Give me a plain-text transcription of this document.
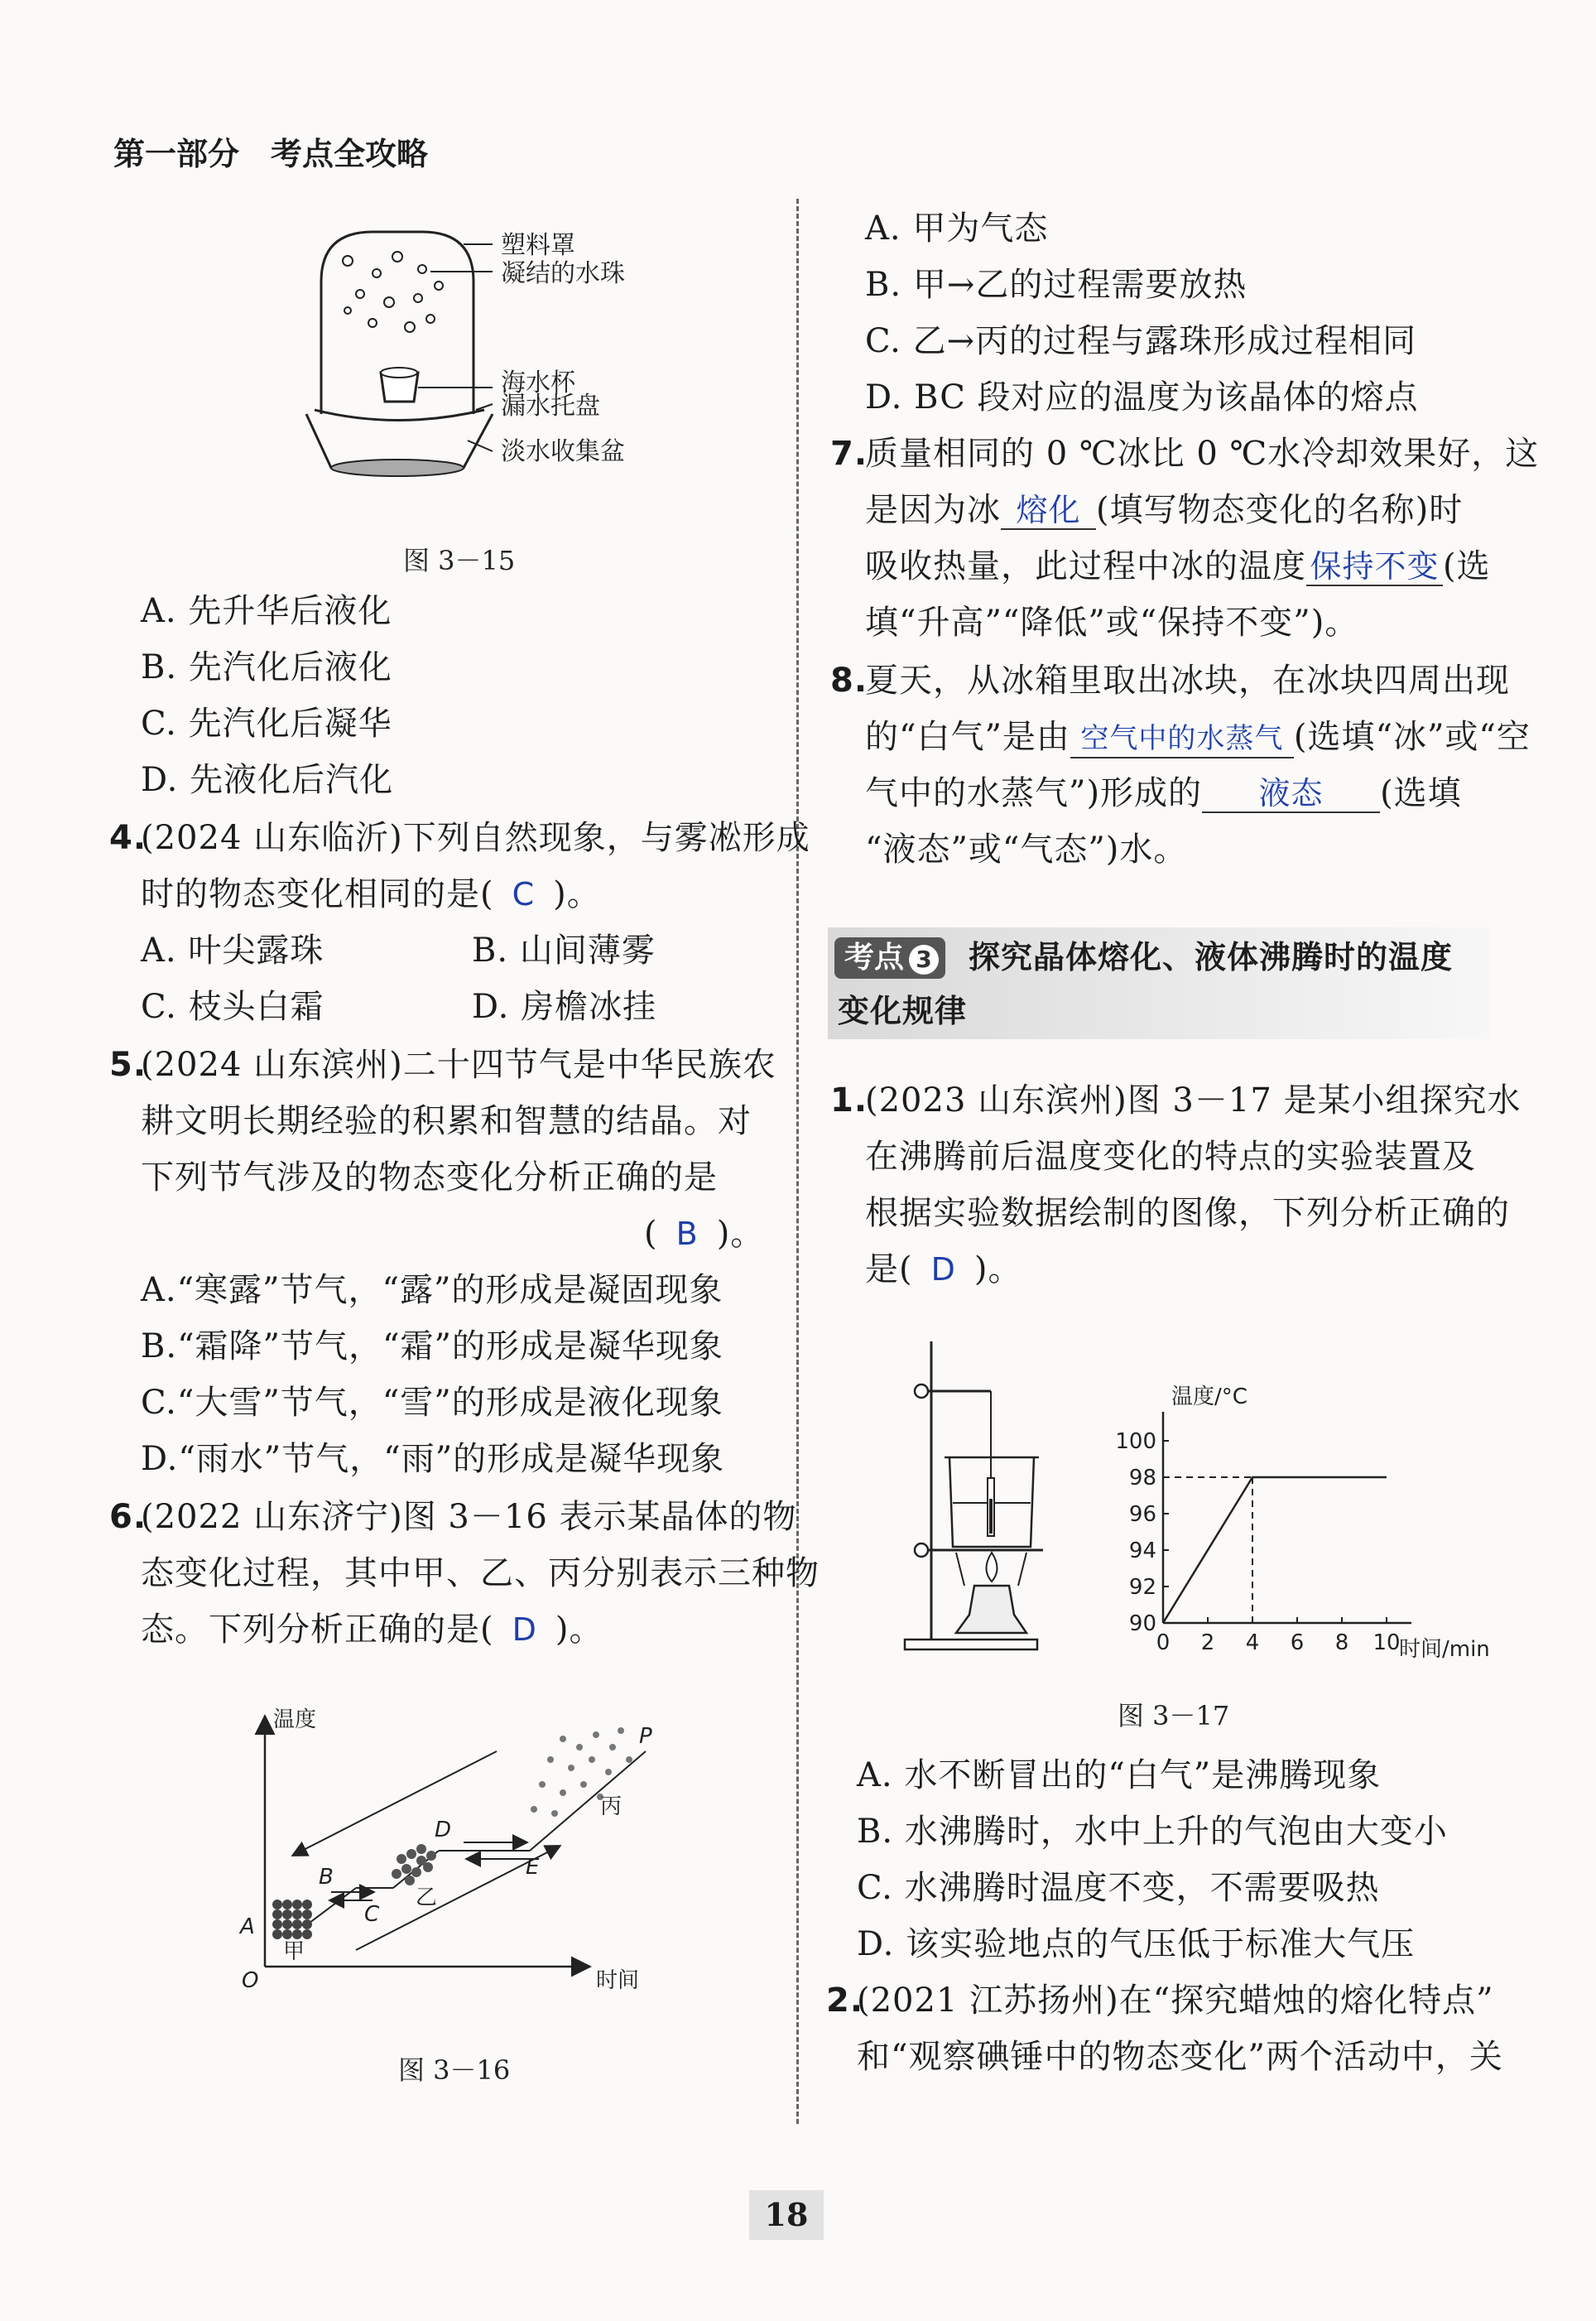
第一部分　考点全攻略
塑料罩
凝结的水珠
海水杯
漏水托盘
淡水收集盆
图 3－15
A. 先升华后液化
B. 先汽化后液化
C. 先汽化后凝华
D. 先液化后汽化
4.
(2024 山东临沂)下列自然现象，与雾凇形成
时的物态变化相同的是( C )。
A. 叶尖露珠	B. 山间薄雾
C. 枝头白霜	D. 房檐冰挂
5.
(2024 山东滨州)二十四节气是中华民族农
耕文明长期经验的积累和智慧的结晶。对
下列节气涉及的物态变化分析正确的是
( B )。
A.“寒露”节气，“露”的形成是凝固现象
B.“霜降”节气，“霜”的形成是凝华现象
C.“大雪”节气，“雪”的形成是液化现象
D.“雨水”节气，“雨”的形成是凝华现象
6.
(2022 山东济宁)图 3－16 表示某晶体的物
态变化过程，其中甲、乙、丙分别表示三种物
态。下列分析正确的是( D )。
温度
时间
O
A
B
C
D
E
P
甲
乙
丙
图 3－16
A. 甲为气态
B. 甲→乙的过程需要放热
C. 乙→丙的过程与露珠形成过程相同
D. BC 段对应的温度为该晶体的熔点
7.
质量相同的 0 ℃冰比 0 ℃水冷却效果好，这
是因为冰 熔化 (填写物态变化的名称)时
吸收热量，此过程中冰的温度 保持不变 (选
填“升高”“降低”或“保持不变”)。
8.
夏天，从冰箱里取出冰块，在冰块四周出现
的“白气”是由 空气中的水蒸气 (选填“冰”或“空
气中的水蒸气”)形成的 液态 (选填
“液态”或“气态”)水。
考点 3	探究晶体熔化、液体沸腾时的温度
变化规律
1.
(2023 山东滨州)图 3－17 是某小组探究水
在沸腾前后温度变化的特点的实验装置及
根据实验数据绘制的图像，下列分析正确的
是( D )。
温度/°C
时间/min
90
92
94
96
98
100
0 2 4 6 8 10
图 3－17
A. 水不断冒出的“白气”是沸腾现象
B. 水沸腾时，水中上升的气泡由大变小
C. 水沸腾时温度不变，不需要吸热
D. 该实验地点的气压低于标准大气压
2.
(2021 江苏扬州)在“探究蜡烛的熔化特点”
和“观察碘锤中的物态变化”两个活动中，关
18
